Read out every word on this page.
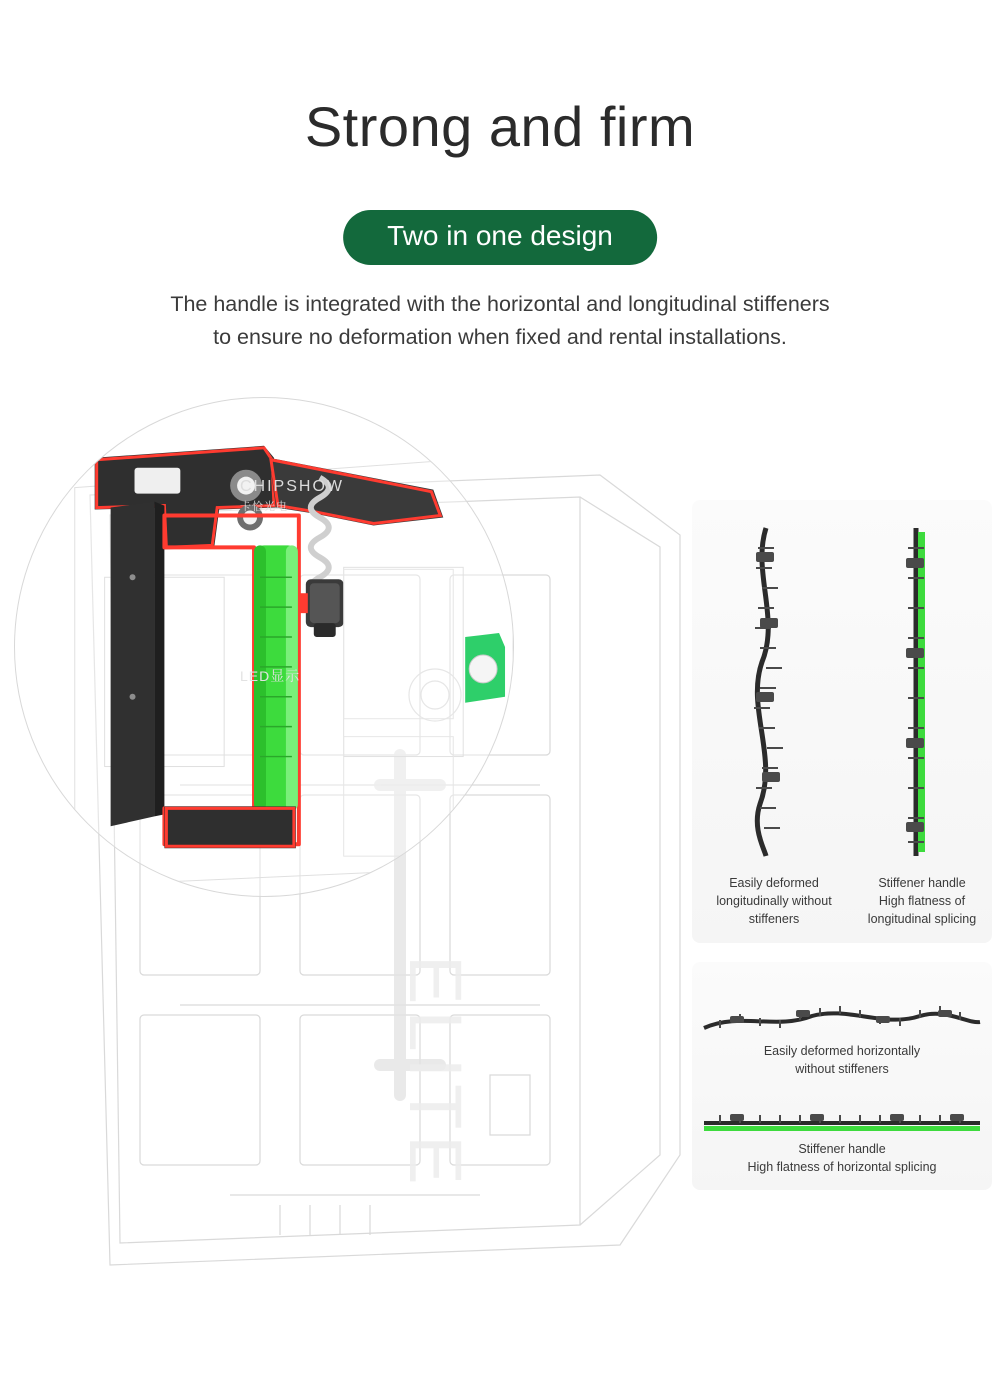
Strong and firm
Two in one design
The handle is integrated with the horizontal and longitudinal stiffeners
to ensure no deformation when fixed and rental installations.
ELITE
CHIPSHOW
卡恰光电
LED显示
Easily deformed
longitudinally without
stiffeners
Stiffener handle
High flatness of
longitudinal splicing
Easily deformed horizontally
without stiffeners
Stiffener handle
High flatness of horizontal splicing
